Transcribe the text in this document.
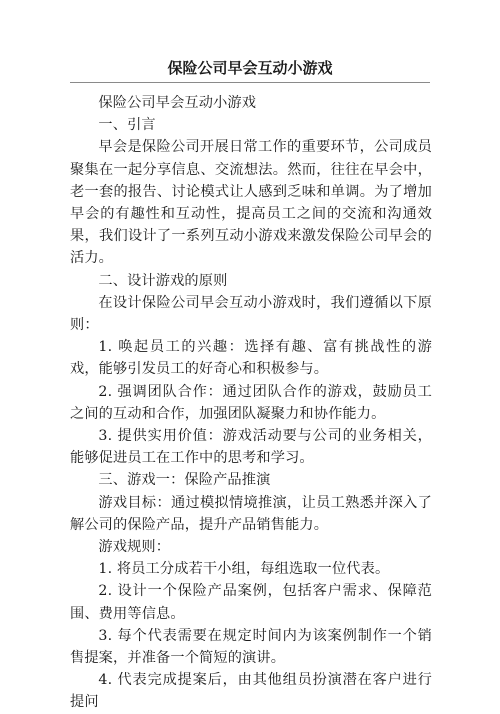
保险公司早会互动小游戏

保险公司早会互动小游戏

一、引言

早会是保险公司开展日常工作的重要环节，公司成员聚集在一起分享信息、交流想法。然而，往往在早会中，老一套的报告、讨论模式让人感到乏味和单调。为了增加早会的有趣性和互动性，提高员工之间的交流和沟通效果，我们设计了一系列互动小游戏来激发保险公司早会的活力。

二、设计游戏的原则

在设计保险公司早会互动小游戏时，我们遵循以下原则：

1. 唤起员工的兴趣：选择有趣、富有挑战性的游戏，能够引发员工的好奇心和积极参与。

2. 强调团队合作：通过团队合作的游戏，鼓励员工之间的互动和合作，加强团队凝聚力和协作能力。

3. 提供实用价值：游戏活动要与公司的业务相关，能够促进员工在工作中的思考和学习。

三、游戏一：保险产品推演

游戏目标：通过模拟情境推演，让员工熟悉并深入了解公司的保险产品，提升产品销售能力。

游戏规则：

1. 将员工分成若干小组，每组选取一位代表。

2. 设计一个保险产品案例，包括客户需求、保障范围、费用等信息。

3. 每个代表需要在规定时间内为该案例制作一个销售提案，并准备一个简短的演讲。

4. 代表完成提案后，由其他组员扮演潜在客户进行提问
